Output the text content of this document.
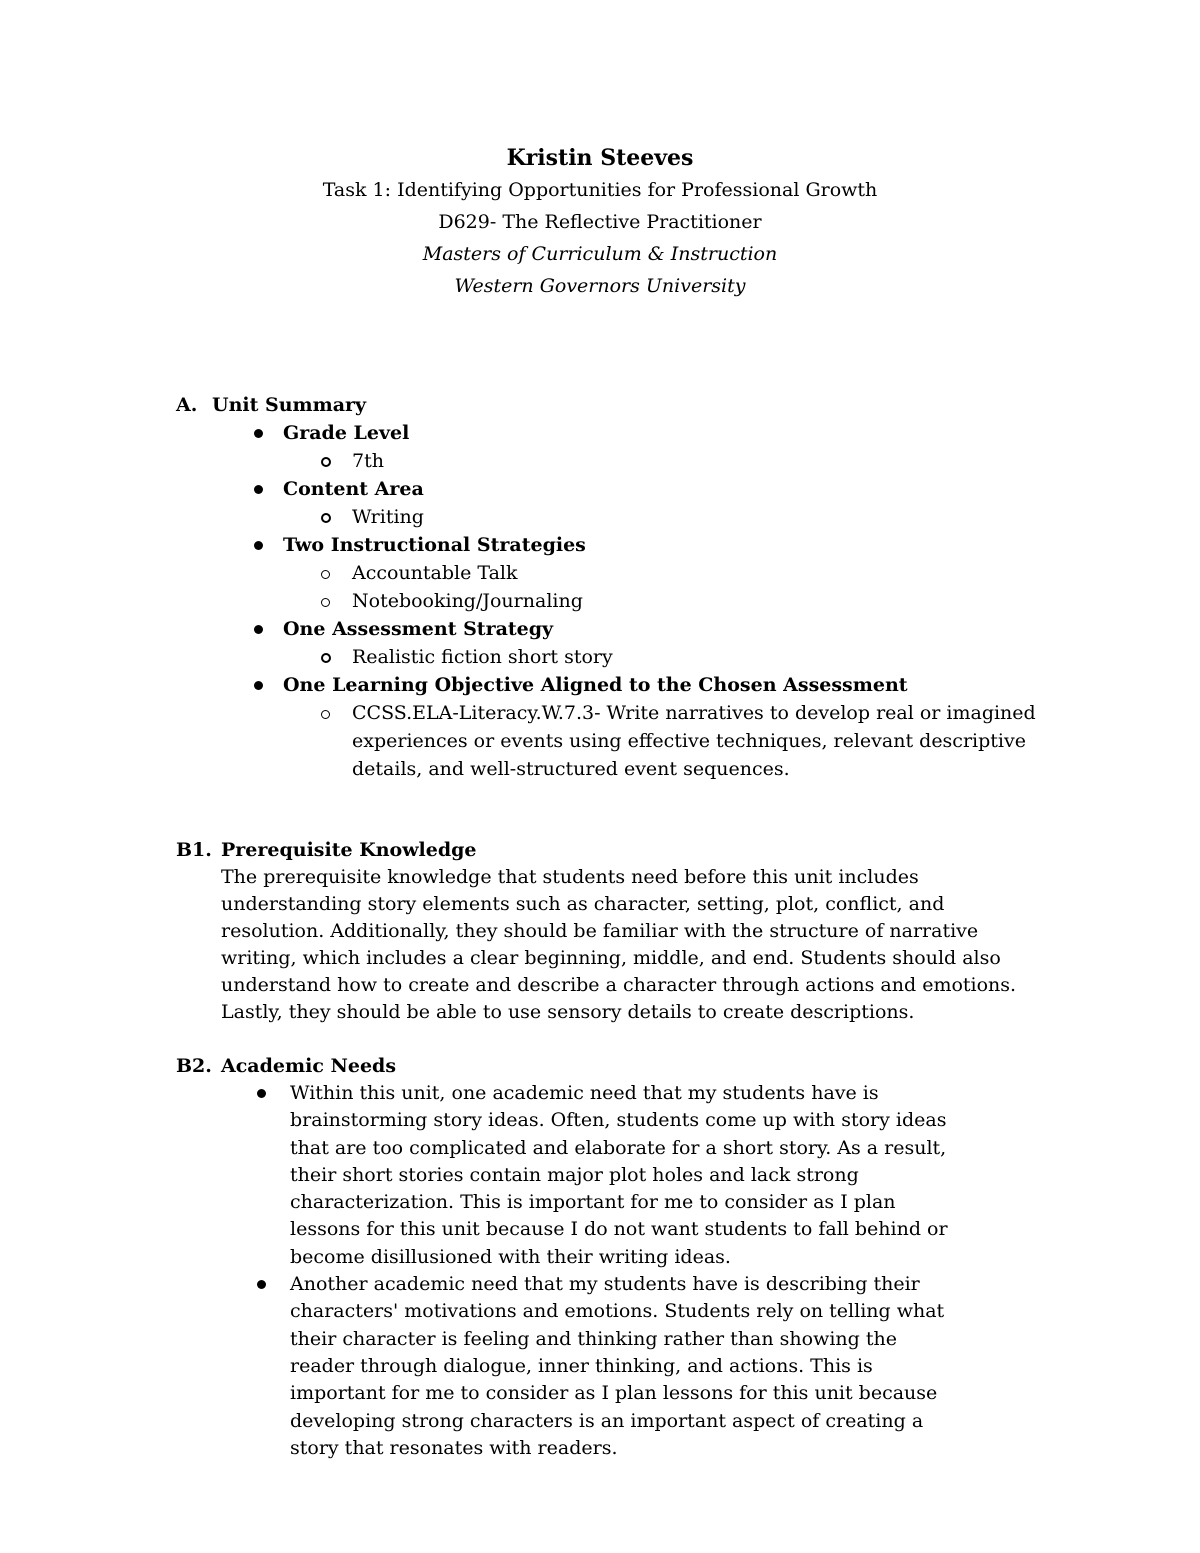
Kristin Steeves
Task 1: Identifying Opportunities for Professional Growth
D629- The Reflective Practitioner
Masters of Curriculum & Instruction
Western Governors University
A. Unit Summary
Grade Level
7th
Content Area
Writing
Two Instructional Strategies
Accountable Talk
Notebooking/Journaling
One Assessment Strategy
Realistic fiction short story
One Learning Objective Aligned to the Chosen Assessment
CCSS.ELA-Literacy.W.7.3- Write narratives to develop real or imagined experiences or events using effective techniques, relevant descriptive details, and well-structured event sequences.
B1. Prerequisite Knowledge
The prerequisite knowledge that students need before this unit includes understanding story elements such as character, setting, plot, conflict, and resolution. Additionally, they should be familiar with the structure of narrative writing, which includes a clear beginning, middle, and end. Students should also understand how to create and describe a character through actions and emotions. Lastly, they should be able to use sensory details to create descriptions.
B2. Academic Needs
Within this unit, one academic need that my students have is brainstorming story ideas. Often, students come up with story ideas that are too complicated and elaborate for a short story. As a result, their short stories contain major plot holes and lack strong characterization. This is important for me to consider as I plan lessons for this unit because I do not want students to fall behind or become disillusioned with their writing ideas.
Another academic need that my students have is describing their characters' motivations and emotions. Students rely on telling what their character is feeling and thinking rather than showing the reader through dialogue, inner thinking, and actions. This is important for me to consider as I plan lessons for this unit because developing strong characters is an important aspect of creating a story that resonates with readers.
